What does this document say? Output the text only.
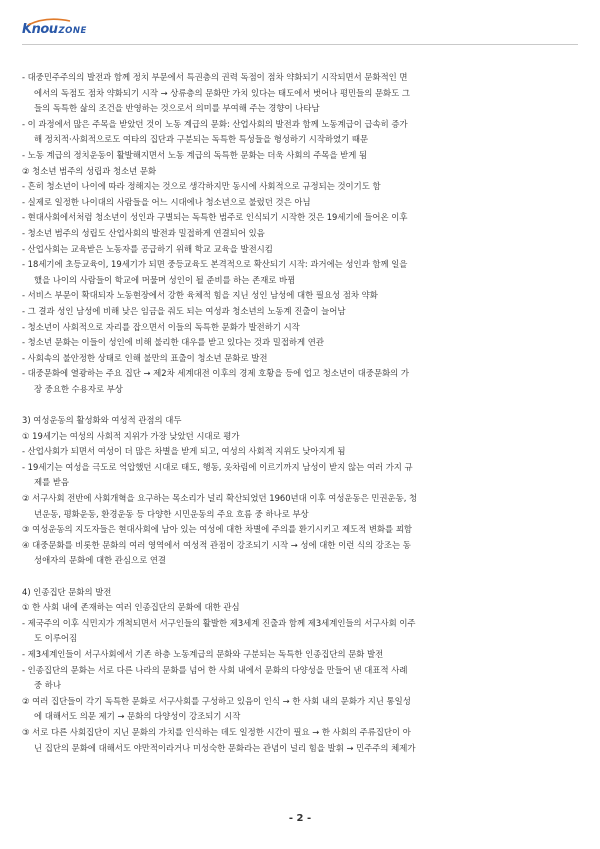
Knou ZONE
- 대중민주주의의 발전과 함께 정치 부문에서 특권층의 권력 독점이 점차 약화되기 시작되면서 문화적인 면
에서의 독점도 점차 약화되기 시작 → 상류층의 문화만 가치 있다는 태도에서 벗어나 평민들의 문화도 그
들의 독특한 삶의 조건을 반영하는 것으로서 의미를 부여해 주는 경향이 나타남
- 이 과정에서 많은 주목을 받았던 것이 노동 계급의 문화: 산업사회의 발전과 함께 노동계급이 급속히 증가
해 정치적·사회적으로도 여타의 집단과 구분되는 독특한 특성들을 형성하기 시작하였기 때문
- 노동 계급의 정치운동이 활발해지면서 노동 계급의 독특한 문화는 더욱 사회의 주목을 받게 됨
② 청소년 범주의 성립과 청소년 문화
- 흔히 청소년이 나이에 따라 정해지는 것으로 생각하지만 동시에 사회적으로 규정되는 것이기도 함
- 실제로 일정한 나이대의 사람들을 어느 시대에나 청소년으로 불렀던 것은 아님
- 현대사회에서처럼 청소년이 성인과 구별되는 독특한 범주로 인식되기 시작한 것은 19세기에 들어온 이후
- 청소년 범주의 성립도 산업사회의 발전과 밀접하게 연결되어 있음
- 산업사회는 교육받은 노동자를 공급하기 위해 학교 교육을 발전시킴
- 18세기에 초등교육이, 19세기가 되면 중등교육도 본격적으로 확산되기 시작: 과거에는 성인과 함께 일을
했을 나이의 사람들이 학교에 머물며 성인이 될 준비를 하는 존재로 바뀜
- 서비스 부문이 확대되자 노동현장에서 강한 육체적 힘을 지닌 성인 남성에 대한 필요성 점차 약화
- 그 결과 성인 남성에 비해 낮은 임금을 줘도 되는 여성과 청소년의 노동계 진출이 늘어남
- 청소년이 사회적으로 자리를 잡으면서 이들의 독특한 문화가 발전하기 시작
- 청소년 문화는 이들이 성인에 비해 불리한 대우를 받고 있다는 것과 밀접하게 연관
- 사회속의 불안정한 상태로 인해 불만의 표출이 청소년 문화로 발전
- 대중문화에 열광하는 주요 집단 → 제2차 세계대전 이후의 경제 호황을 등에 업고 청소년이 대중문화의 가
장 중요한 수용자로 부상
3) 여성운동의 활성화와 여성적 관점의 대두
① 19세기는 여성의 사회적 지위가 가장 낮았던 시대로 평가
- 산업사회가 되면서 여성이 더 많은 차별을 받게 되고, 여성의 사회적 지위도 낮아지게 됨
- 19세기는 여성을 극도로 억압했던 시대로 태도, 행동, 옷차림에 이르기까지 남성이 받지 않는 여러 가지 규
제를 받음
② 서구사회 전반에 사회개혁을 요구하는 목소리가 널리 확산되었던 1960년대 이후 여성운동은 민권운동, 청
년운동, 평화운동, 환경운동 등 다양한 시민운동의 주요 흐름 중 하나로 부상
③ 여성운동의 지도자들은 현대사회에 남아 있는 여성에 대한 차별에 주의를 환기시키고 제도적 변화를 꾀함
④ 대중문화를 비롯한 문화의 여러 영역에서 여성적 관점이 강조되기 시작 → 성에 대한 이런 식의 강조는 동
성애자의 문화에 대한 관심으로 연결
4) 인종집단 문화의 발전
① 한 사회 내에 존재하는 여러 인종집단의 문화에 대한 관심
- 제국주의 이후 식민지가 개척되면서 서구인들의 활발한 제3세계 진출과 함께 제3세계인들의 서구사회 이주
도 이루어짐
- 제3세계인들이 서구사회에서 기존 하층 노동계급의 문화와 구분되는 독특한 인종집단의 문화 발전
- 인종집단의 문화는 서로 다른 나라의 문화를 넘어 한 사회 내에서 문화의 다양성을 만들어 낸 대표적 사례
중 하나
② 여러 집단들이 각기 독특한 문화로 서구사회를 구성하고 있음이 인식 → 한 사회 내의 문화가 지닌 통일성
에 대해서도 의문 제기 → 문화의 다양성이 강조되기 시작
③ 서로 다른 사회집단이 지닌 문화의 가치를 인식하는 데도 일정한 시간이 필요 → 한 사회의 주류집단이 아
닌 집단의 문화에 대해서도 야만적이라거나 미성숙한 문화라는 관념이 널리 힘을 발휘 → 민주주의 체제가
- 2 -
